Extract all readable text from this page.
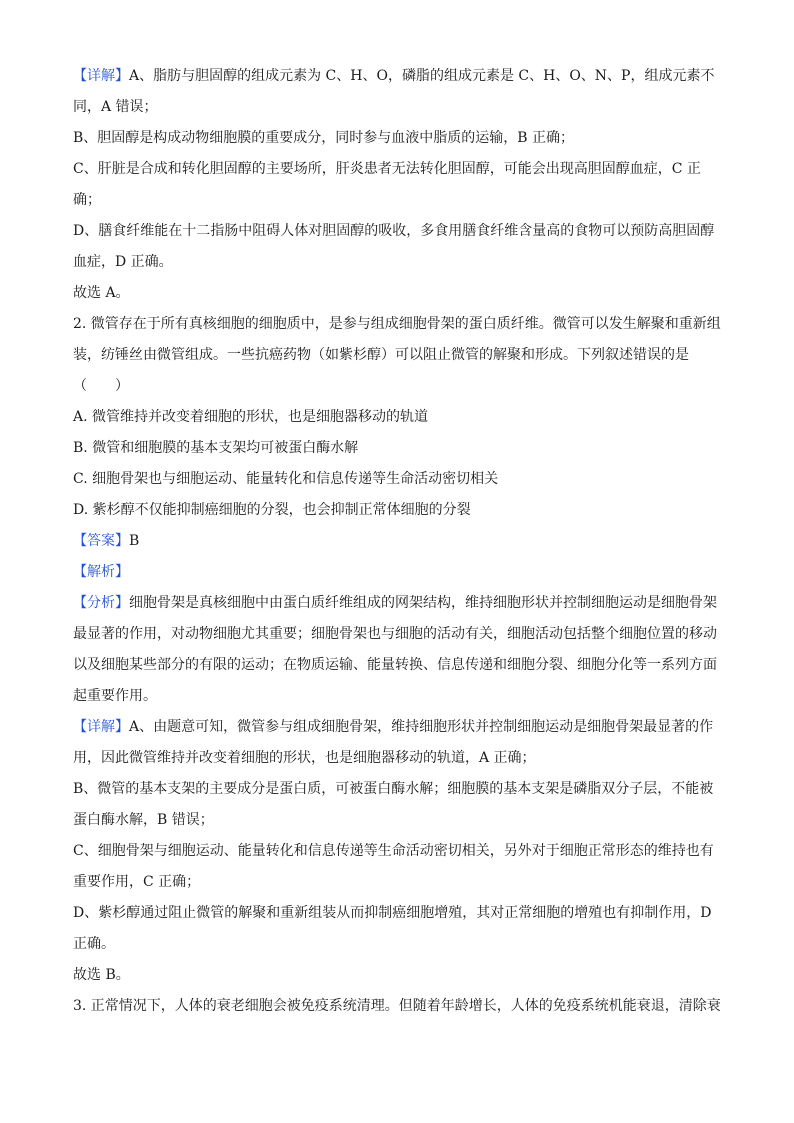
【详解】A、脂肪与胆固醇的组成元素为 C、H、O，磷脂的组成元素是 C、H、O、N、P，组成元素不
同，A 错误；
B、胆固醇是构成动物细胞膜的重要成分，同时参与血液中脂质的运输，B 正确；
C、肝脏是合成和转化胆固醇的主要场所，肝炎患者无法转化胆固醇，可能会出现高胆固醇血症，C 正
确；
D、膳食纤维能在十二指肠中阻碍人体对胆固醇的吸收，多食用膳食纤维含量高的食物可以预防高胆固醇
血症，D 正确。
故选 A。
2. 微管存在于所有真核细胞的细胞质中，是参与组成细胞骨架的蛋白质纤维。微管可以发生解聚和重新组
装，纺锤丝由微管组成。一些抗癌药物（如紫杉醇）可以阻止微管的解聚和形成。下列叙述错误的是
（　　）
A. 微管维持并改变着细胞的形状，也是细胞器移动的轨道
B. 微管和细胞膜的基本支架均可被蛋白酶水解
C. 细胞骨架也与细胞运动、能量转化和信息传递等生命活动密切相关
D. 紫杉醇不仅能抑制癌细胞的分裂，也会抑制正常体细胞的分裂
【答案】B
【解析】
【分析】细胞骨架是真核细胞中由蛋白质纤维组成的网架结构，维持细胞形状并控制细胞运动是细胞骨架
最显著的作用，对动物细胞尤其重要；细胞骨架也与细胞的活动有关，细胞活动包括整个细胞位置的移动
以及细胞某些部分的有限的运动；在物质运输、能量转换、信息传递和细胞分裂、细胞分化等一系列方面
起重要作用。
【详解】A、由题意可知，微管参与组成细胞骨架，维持细胞形状并控制细胞运动是细胞骨架最显著的作
用，因此微管维持并改变着细胞的形状，也是细胞器移动的轨道，A 正确；
B、微管的基本支架的主要成分是蛋白质，可被蛋白酶水解；细胞膜的基本支架是磷脂双分子层，不能被
蛋白酶水解，B 错误；
C、细胞骨架与细胞运动、能量转化和信息传递等生命活动密切相关，另外对于细胞正常形态的维持也有
重要作用，C 正确；
D、紫杉醇通过阻止微管的解聚和重新组装从而抑制癌细胞增殖，其对正常细胞的增殖也有抑制作用，D
正确。
故选 B。
3. 正常情况下，人体的衰老细胞会被免疫系统清理。但随着年龄增长，人体的免疫系统机能衰退，清除衰
